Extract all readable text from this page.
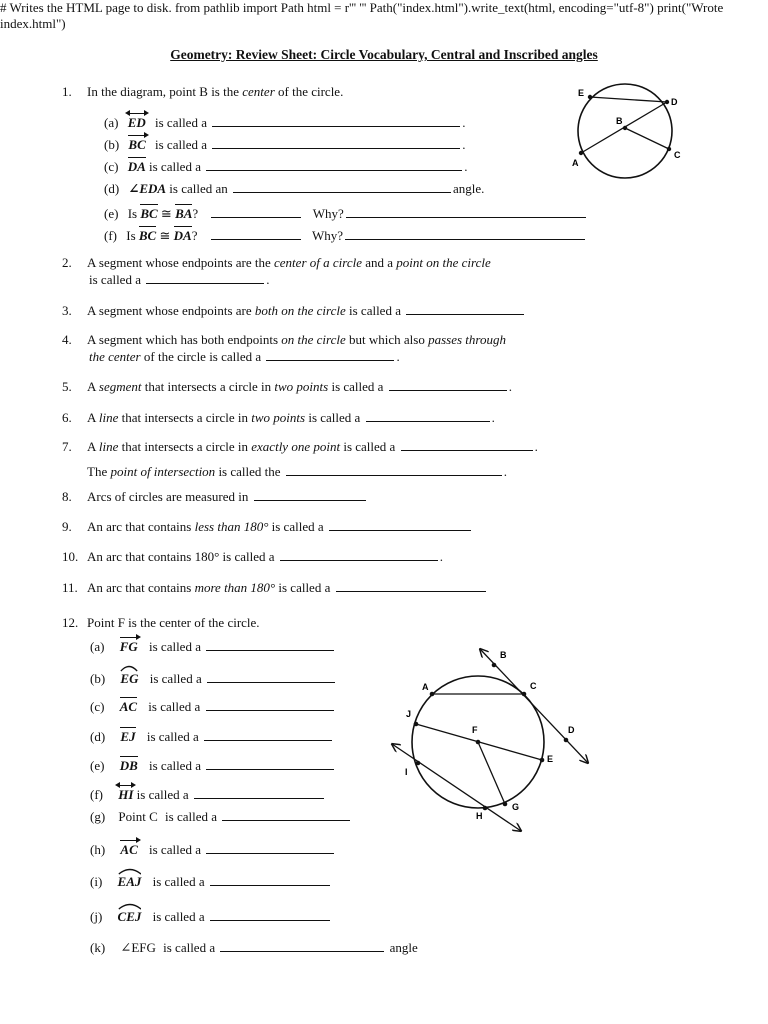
# Writes the HTML page to disk. from pathlib import Path html = r'''
Geometry: Review Sheet: Circle Vocabulary, Central and Inscribed angles
1. In the diagram, point B is the center of the circle.
(a) ED is called a	.
(b) BC is called a	.
(c) DA is called a	.
(d) ∠EDA is called an	angle.
(e) Is BC ≅ BA?	Why?
(f) Is BC ≅ DA?	Why?
E
D
B
A
C
2. A segment whose endpoints are the center of a circle and a point on the circle
is called a	.
3. A segment whose endpoints are both on the circle is called a
4. A segment which has both endpoints on the circle but which also passes through
the center of the circle is called a	.
5. A segment that intersects a circle in two points is called a	.
6. A line that intersects a circle in two points is called a	.
7. A line that intersects a circle in exactly one point is called a	.
The point of intersection is called the	.
8. Arcs of circles are measured in
9. An arc that contains less than 180° is called a
10. An arc that contains 180° is called a	.
11. An arc that contains more than 180° is called a
12. Point F is the center of the circle.
(a) FG is called a
(b) EG is called a
(c) AC is called a
(d) EJ is called a
(e) DB is called a
(f) HI is called a
(g) Point C is called a
(h) AC is called a
(i) EAJ is called a
(j) CEJ is called a
(k) ∠EFG is called a	angle
B
A	C
J
F	D
E
I
G
H
''' Path("index.html").write_text(html, encoding="utf-8") print("Wrote index.html")
